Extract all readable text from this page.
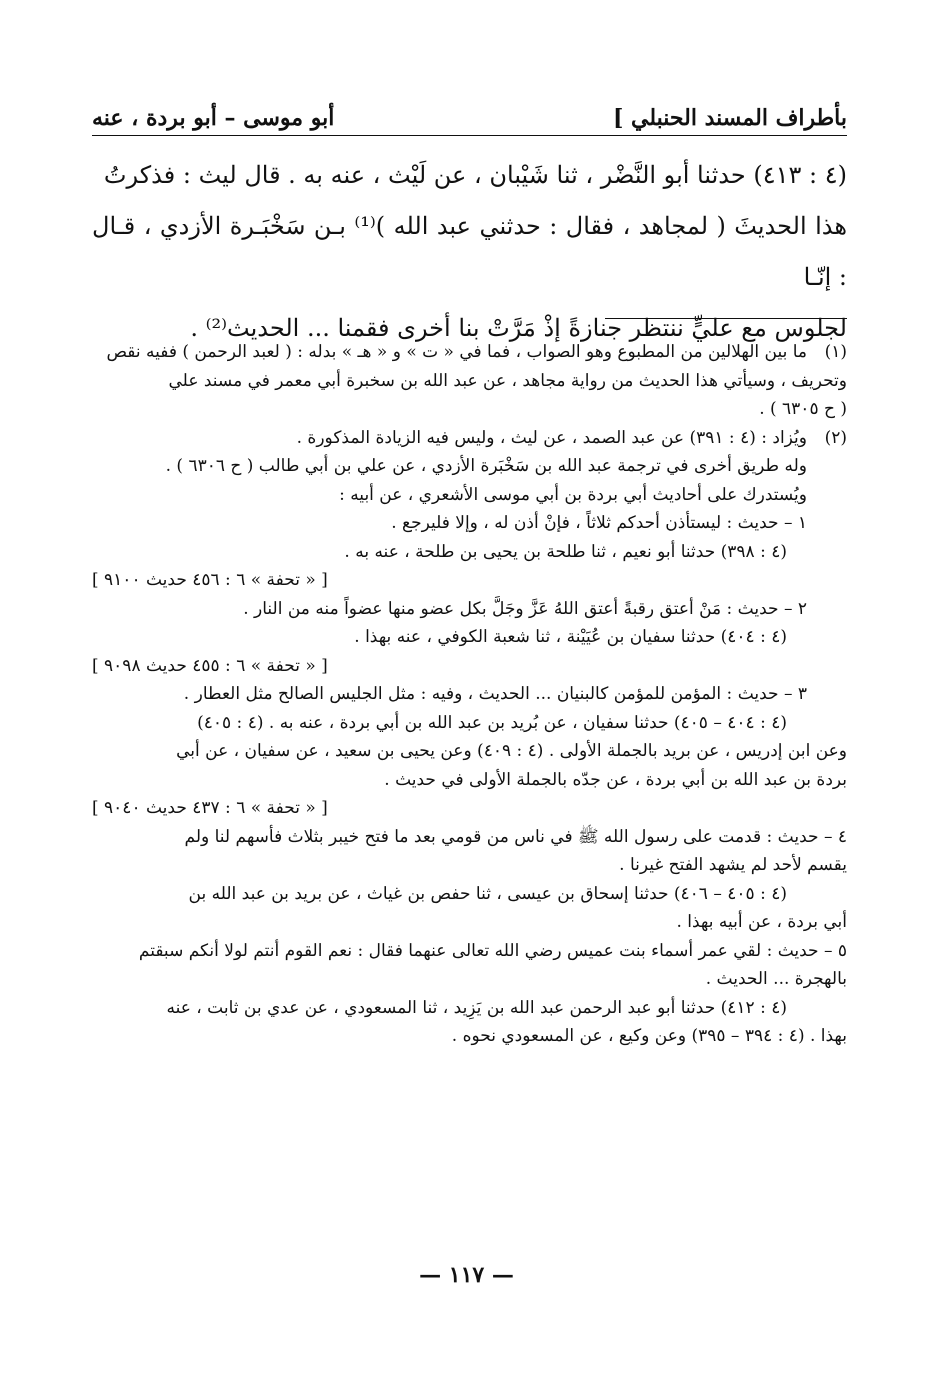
بأطراف المسند الحنبلي ]
أبو موسى – أبو بردة ، عنه

(٤ : ٤١٣) حدثنا أبو النَّضْر ، ثنا شَيْبان ، عن لَيْث ، عنه به . قال ليث : فذكرتُ

هذا الحديثَ ( لمجاهد ، فقال : حدثني عبد الله )⁽¹⁾ بـن سَخْبَـرة الأزدي ، قـال : إنّـا

لجلوس مع عليٍّ ننتظر جنازةً إذْ مَرَّتْ بنا أخرى فقمنا ... الحديث⁽²⁾ .

(١)

ما بين الهلالين من المطبوع وهو الصواب ، فما في « ت » و « هـ » بدله : ( لعبد الرحمن ) ففيه نقص

وتحريف ، وسيأتي هذا الحديث من رواية مجاهد ، عن عبد الله بن سخبرة أبي معمر في مسند علي

( ح ٦٣٠٥ ) .

(٢)

ويُزاد : (٤ : ٣٩١) عن عبد الصمد ، عن ليث ، وليس فيه الزيادة المذكورة .

وله طريق أخرى في ترجمة عبد الله بن سَخْبَرة الأزدي ، عن علي بن أبي طالب ( ح ٦٣٠٦ ) .

ويُستدرك على أحاديث أبي بردة بن أبي موسى الأشعري ، عن أبيه :

١ – حديث : ليستأذن أحدكم ثلاثاً ، فإنْ أذن له ، وإلا فليرجع .

(٤ : ٣٩٨) حدثنا أبو نعيم ، ثنا طلحة بن يحيى بن طلحة ، عنه به .

[ « تحفة » ٦ : ٤٥٦ حديث ٩١٠٠ ]

٢ – حديث : مَنْ أعتق رقبةً أعتق اللهُ عَزَّ وجَلَّ بكل عضو منها عضواً منه من النار .

(٤ : ٤٠٤) حدثنا سفيان بن عُيَيْنة ، ثنا شعبة الكوفي ، عنه بهذا .

[ « تحفة » ٦ : ٤٥٥ حديث ٩٠٩٨ ]

٣ – حديث : المؤمن للمؤمن كالبنيان ... الحديث ، وفيه : مثل الجليس الصالح مثل العطار .

(٤ : ٤٠٤ – ٤٠٥) حدثنا سفيان ، عن بُريد بن عبد الله بن أبي بردة ، عنه به . (٤ : ٤٠٥)

وعن ابن إدريس ، عن بريد بالجملة الأولى . (٤ : ٤٠٩) وعن يحيى بن سعيد ، عن سفيان ، عن أبي

بردة بن عبد الله بن أبي بردة ، عن جدّه بالجملة الأولى في حديث .

[ « تحفة » ٦ : ٤٣٧ حديث ٩٠٤٠ ]

٤ – حديث : قدمت على رسول الله ﷺ في ناس من قومي بعد ما فتح خيبر بثلاث فأسهم لنا ولم

يقسم لأحد لم يشهد الفتح غيرنا .

(٤ : ٤٠٥ – ٤٠٦) حدثنا إسحاق بن عيسى ، ثنا حفص بن غياث ، عن بريد بن عبد الله بن

أبي بردة ، عن أبيه بهذا .

٥ – حديث : لقي عمر أسماء بنت عميس رضي الله تعالى عنهما فقال : نعم القوم أنتم لولا أنكم سبقتم

بالهجرة ... الحديث .

(٤ : ٤١٢) حدثنا أبو عبد الرحمن عبد الله بن يَزِيد ، ثنا المسعودي ، عن عدي بن ثابت ، عنه

بهذا . (٤ : ٣٩٤ – ٣٩٥) وعن وكيع ، عن المسعودي نحوه .

— ١١٧ —
